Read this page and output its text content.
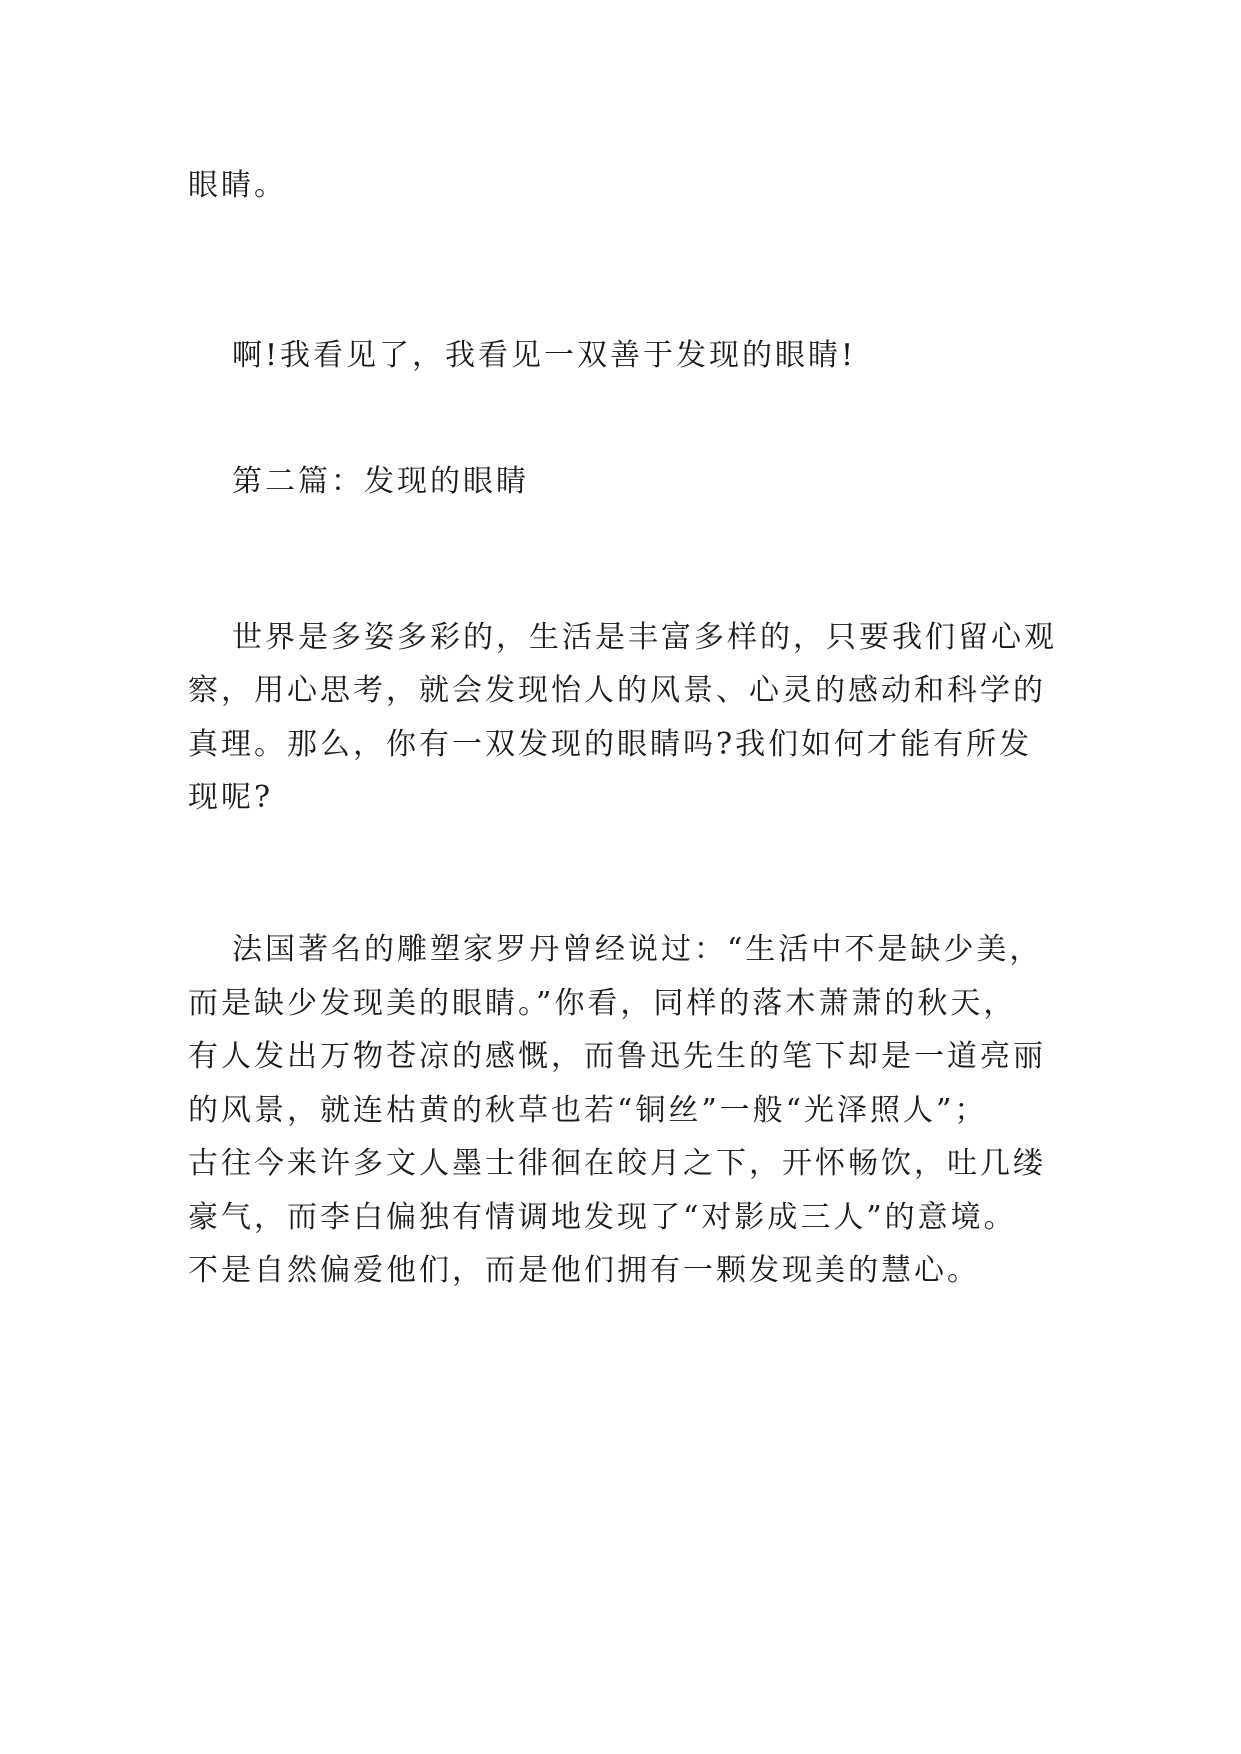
眼睛。
啊!我看见了，我看见一双善于发现的眼睛!
第二篇：发现的眼睛
世界是多姿多彩的，生活是丰富多样的，只要我们留心观
察，用心思考，就会发现怡人的风景、心灵的感动和科学的
真理。那么，你有一双发现的眼睛吗?我们如何才能有所发
现呢?
法国著名的雕塑家罗丹曾经说过：“生活中不是缺少美，
而是缺少发现美的眼睛。”你看，同样的落木萧萧的秋天，
有人发出万物苍凉的感慨，而鲁迅先生的笔下却是一道亮丽
的风景，就连枯黄的秋草也若“铜丝”一般“光泽照人”；
古往今来许多文人墨士徘徊在皎月之下，开怀畅饮，吐几缕
豪气，而李白偏独有情调地发现了“对影成三人”的意境。
不是自然偏爱他们，而是他们拥有一颗发现美的慧心。
